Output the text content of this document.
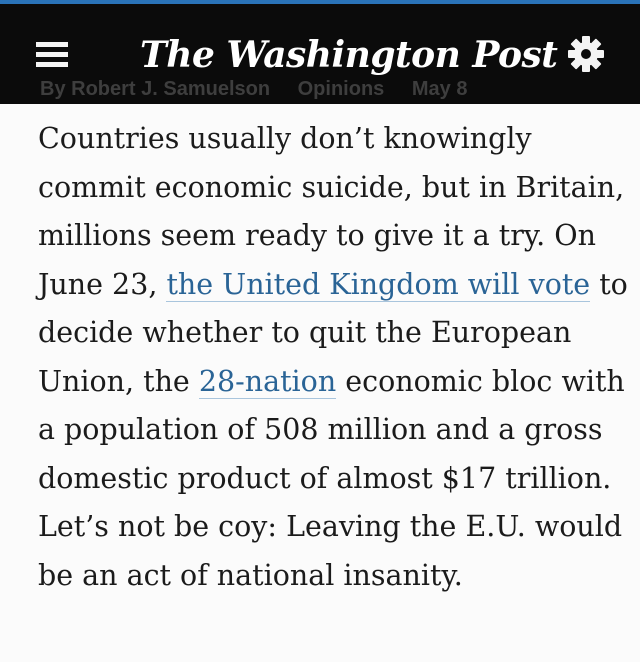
The Washington Post
By Robert J. Samuelson Opinions May 8

Countries usually don’t knowingly commit economic suicide, but in Britain, millions seem ready to give it a try. On June 23, the United Kingdom will vote to decide whether to quit the European Union, the 28-nation economic bloc with a population of 508 million and a gross domestic product of almost $17 trillion. Let’s not be coy: Leaving the E.U. would be an act of national insanity.
